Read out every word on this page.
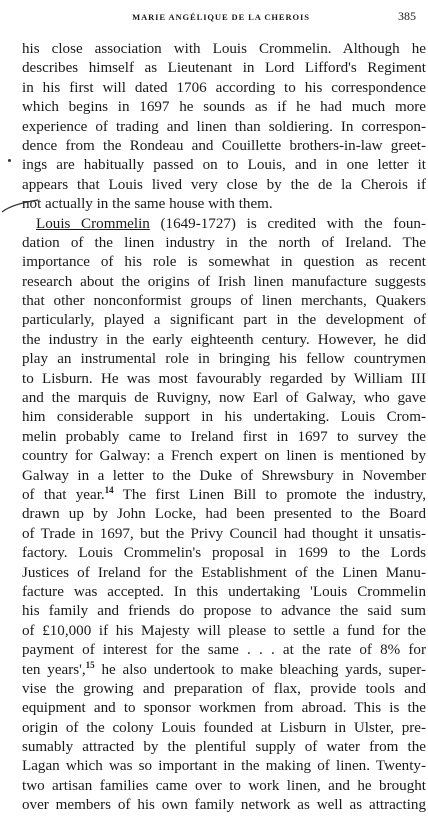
MARIE ANGÉLIQUE DE LA CHEROIS	385
his close association with Louis Crommelin. Although he
describes himself as Lieutenant in Lord Lifford's Regiment
in his first will dated 1706 according to his correspondence
which begins in 1697 he sounds as if he had much more
experience of trading and linen than soldiering. In correspon-
dence from the Rondeau and Couillette brothers-in-law greet-
ings are habitually passed on to Louis, and in one letter it
appears that Louis lived very close by the de la Cherois if
not actually in the same house with them.
Louis Crommelin (1649-1727) is credited with the foun-
dation of the linen industry in the north of Ireland. The
importance of his role is somewhat in question as recent
research about the origins of Irish linen manufacture suggests
that other nonconformist groups of linen merchants, Quakers
particularly, played a significant part in the development of
the industry in the early eighteenth century. However, he did
play an instrumental role in bringing his fellow countrymen
to Lisburn. He was most favourably regarded by William III
and the marquis de Ruvigny, now Earl of Galway, who gave
him considerable support in his undertaking. Louis Crom-
melin probably came to Ireland first in 1697 to survey the
country for Galway: a French expert on linen is mentioned by
Galway in a letter to the Duke of Shrewsbury in November
of that year.$^{14}$ The first Linen Bill to promote the industry,
drawn up by John Locke, had been presented to the Board
of Trade in 1697, but the Privy Council had thought it unsatis-
factory. Louis Crommelin's proposal in 1699 to the Lords
Justices of Ireland for the Establishment of the Linen Manu-
facture was accepted. In this undertaking 'Louis Crommelin
his family and friends do propose to advance the said sum
of £10,000 if his Majesty will please to settle a fund for the
payment of interest for the same . . . at the rate of 8% for
ten years',$^{15}$ he also undertook to make bleaching yards, super-
vise the growing and preparation of flax, provide tools and
equipment and to sponsor workmen from abroad. This is the
origin of the colony Louis founded at Lisburn in Ulster, pre-
sumably attracted by the plentiful supply of water from the
Lagan which was so important in the making of linen. Twenty-
two artisan families came over to work linen, and he brought
over members of his own family network as well as attracting
